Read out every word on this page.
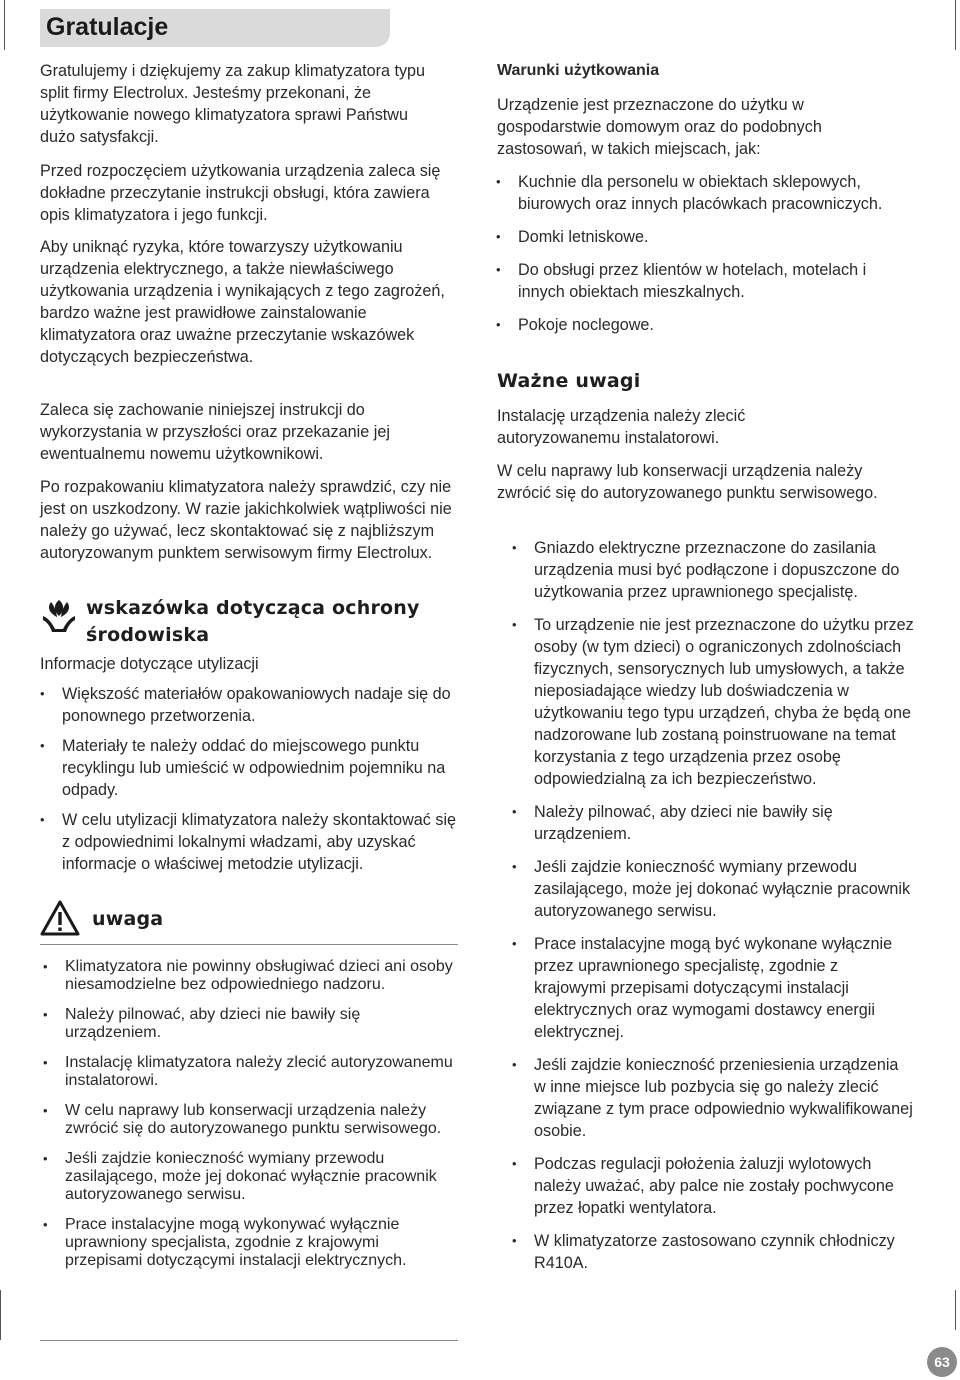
Gratulacje

Gratulujemy i dziękujemy za zakup klimatyzatora typu split firmy Electrolux. Jesteśmy przekonani, że użytkowanie nowego klimatyzatora sprawi Państwu dużo satysfakcji.

Przed rozpoczęciem użytkowania urządzenia zaleca się dokładne przeczytanie instrukcji obsługi, która zawiera opis klimatyzatora i jego funkcji.

Aby uniknąć ryzyka, które towarzyszy użytkowaniu urządzenia elektrycznego, a także niewłaściwego użytkowania urządzenia i wynikających z tego zagrożeń, bardzo ważne jest prawidłowe zainstalowanie klimatyzatora oraz uważne przeczytanie wskazówek dotyczących bezpieczeństwa.

Zaleca się zachowanie niniejszej instrukcji do wykorzystania w przyszłości oraz przekazanie jej ewentualnemu nowemu użytkownikowi.

Po rozpakowaniu klimatyzatora należy sprawdzić, czy nie jest on uszkodzony. W razie jakichkolwiek wątpliwości nie należy go używać, lecz skontaktować się z najbliższym autoryzowanym punktem serwisowym firmy Electrolux.

wskazówka dotycząca ochrony
środowiska

Informacje dotyczące utylizacji

• Większość materiałów opakowaniowych nadaje się do ponownego przetworzenia.
• Materiały te należy oddać do miejscowego punktu recyklingu lub umieścić w odpowiednim pojemniku na odpady.
• W celu utylizacji klimatyzatora należy skontaktować się z odpowiednimi lokalnymi władzami, aby uzyskać informacje o właściwej metodzie utylizacji.
uwaga
• Klimatyzatora nie powinny obsługiwać dzieci ani osoby niesamodzielne bez odpowiedniego nadzoru.
• Należy pilnować, aby dzieci nie bawiły się urządzeniem.
• Instalację klimatyzatora należy zlecić autoryzowanemu instalatorowi.
• W celu naprawy lub konserwacji urządzenia należy zwrócić się do autoryzowanego punktu serwisowego.
• Jeśli zajdzie konieczność wymiany przewodu zasilającego, może jej dokonać wyłącznie pracownik autoryzowanego serwisu.
• Prace instalacyjne mogą wykonywać wyłącznie uprawniony specjalista, zgodnie z krajowymi przepisami dotyczącymi instalacji elektrycznych.
Warunki użytkowania

Urządzenie jest przeznaczone do użytku w gospodarstwie domowym oraz do podobnych zastosowań, w takich miejscach, jak:

• Kuchnie dla personelu w obiektach sklepowych, biurowych oraz innych placówkach pracowniczych.
• Domki letniskowe.
• Do obsługi przez klientów w hotelach, motelach i innych obiektach mieszkalnych.
• Pokoje noclegowe.
Ważne uwagi

Instalację urządzenia należy zlecić autoryzowanemu instalatorowi.

W celu naprawy lub konserwacji urządzenia należy zwrócić się do autoryzowanego punktu serwisowego.

• Gniazdo elektryczne przeznaczone do zasilania urządzenia musi być podłączone i dopuszczone do użytkowania przez uprawnionego specjalistę.
• To urządzenie nie jest przeznaczone do użytku przez osoby (w tym dzieci) o ograniczonych zdolnościach fizycznych, sensorycznych lub umysłowych, a także nieposiadające wiedzy lub doświadczenia w użytkowaniu tego typu urządzeń, chyba że będą one nadzorowane lub zostaną poinstruowane na temat korzystania z tego urządzenia przez osobę odpowiedzialną za ich bezpieczeństwo.
• Należy pilnować, aby dzieci nie bawiły się urządzeniem.
• Jeśli zajdzie konieczność wymiany przewodu zasilającego, może jej dokonać wyłącznie pracownik autoryzowanego serwisu.
• Prace instalacyjne mogą być wykonane wyłącznie przez uprawnionego specjalistę, zgodnie z krajowymi przepisami dotyczącymi instalacji elektrycznych oraz wymogami dostawcy energii elektrycznej.
• Jeśli zajdzie konieczność przeniesienia urządzenia w inne miejsce lub pozbycia się go należy zlecić związane z tym prace odpowiednio wykwalifikowanej osobie.
• Podczas regulacji położenia żaluzji wylotowych należy uważać, aby palce nie zostały pochwycone przez łopatki wentylatora.
• W klimatyzatorze zastosowano czynnik chłodniczy R410A.
63
